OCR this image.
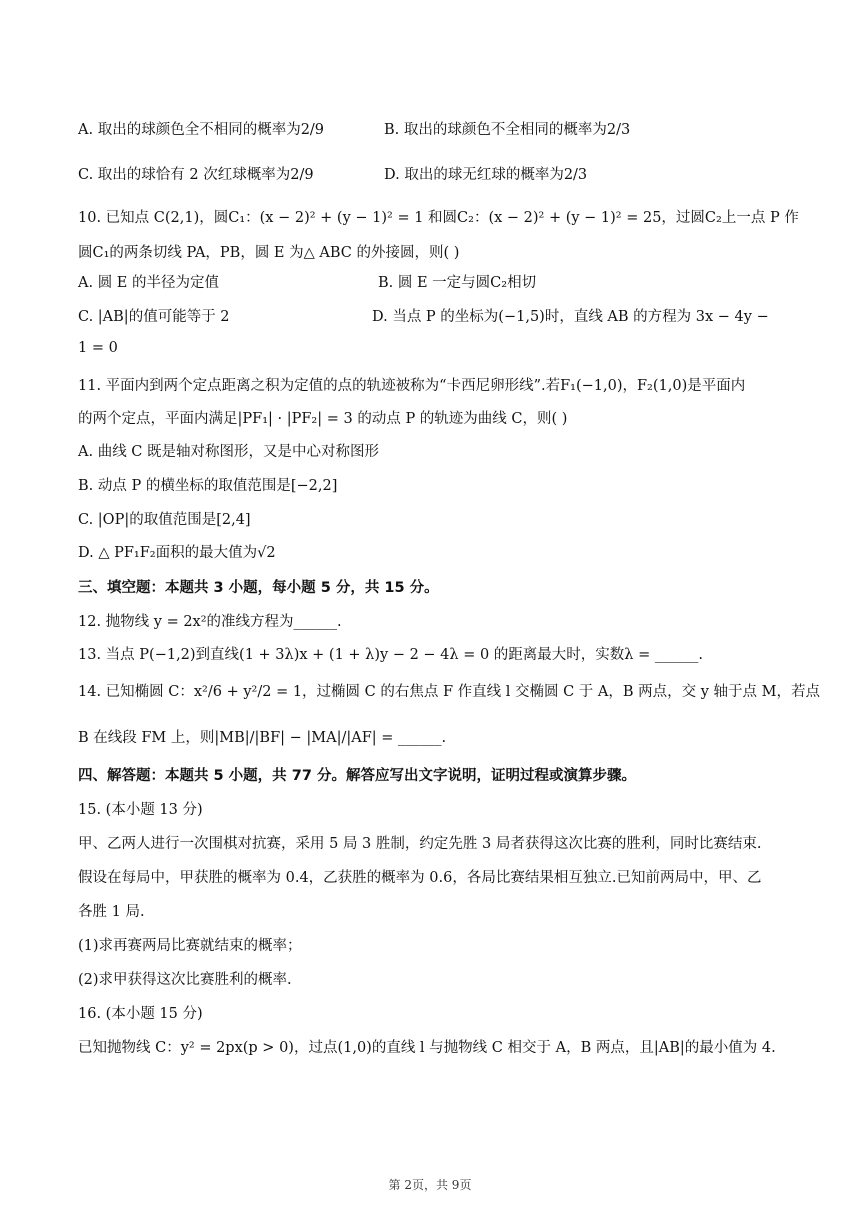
A. 取出的球颜色全不相同的概率为2/9	B. 取出的球颜色不全相同的概率为2/3
C. 取出的球恰有 2 次红球概率为2/9	D. 取出的球无红球的概率为2/3
10. 已知点 C(2,1)，圆C₁：(x − 2)² + (y − 1)² = 1 和圆C₂：(x − 2)² + (y − 1)² = 25，过圆C₂上一点 P 作
圆C₁的两条切线 PA，PB，圆 E 为△ ABC 的外接圆，则( )
A. 圆 E 的半径为定值	B. 圆 E 一定与圆C₂相切
C. |AB|的值可能等于 2	D. 当点 P 的坐标为(−1,5)时，直线 AB 的方程为 3x − 4y −
1 = 0
11. 平面内到两个定点距离之积为定值的点的轨迹被称为“卡西尼卵形线”.若F₁(−1,0)，F₂(1,0)是平面内
的两个定点，平面内满足|PF₁| · |PF₂| = 3 的动点 P 的轨迹为曲线 C，则( )
A. 曲线 C 既是轴对称图形，又是中心对称图形
B. 动点 P 的横坐标的取值范围是[−2,2]
C. |OP|的取值范围是[2,4]
D. △ PF₁F₂面积的最大值为√2
三、填空题：本题共 3 小题，每小题 5 分，共 15 分。
12. 抛物线 y = 2x²的准线方程为______.
13. 当点 P(−1,2)到直线(1 + 3λ)x + (1 + λ)y − 2 − 4λ = 0 的距离最大时，实数λ = ______.
14. 已知椭圆 C：x²/6 + y²/2 = 1，过椭圆 C 的右焦点 F 作直线 l 交椭圆 C 于 A，B 两点，交 y 轴于点 M，若点
B 在线段 FM 上，则|MB|/|BF| − |MA|/|AF| = ______.
四、解答题：本题共 5 小题，共 77 分。解答应写出文字说明，证明过程或演算步骤。
15. (本小题 13 分)
甲、乙两人进行一次围棋对抗赛，采用 5 局 3 胜制，约定先胜 3 局者获得这次比赛的胜利，同时比赛结束.
假设在每局中，甲获胜的概率为 0.4，乙获胜的概率为 0.6，各局比赛结果相互独立.已知前两局中，甲、乙
各胜 1 局.
(1)求再赛两局比赛就结束的概率；
(2)求甲获得这次比赛胜利的概率.
16. (本小题 15 分)
已知抛物线 C：y² = 2px(p > 0)，过点(1,0)的直线 l 与抛物线 C 相交于 A，B 两点，且|AB|的最小值为 4.
第 2页，共 9页
